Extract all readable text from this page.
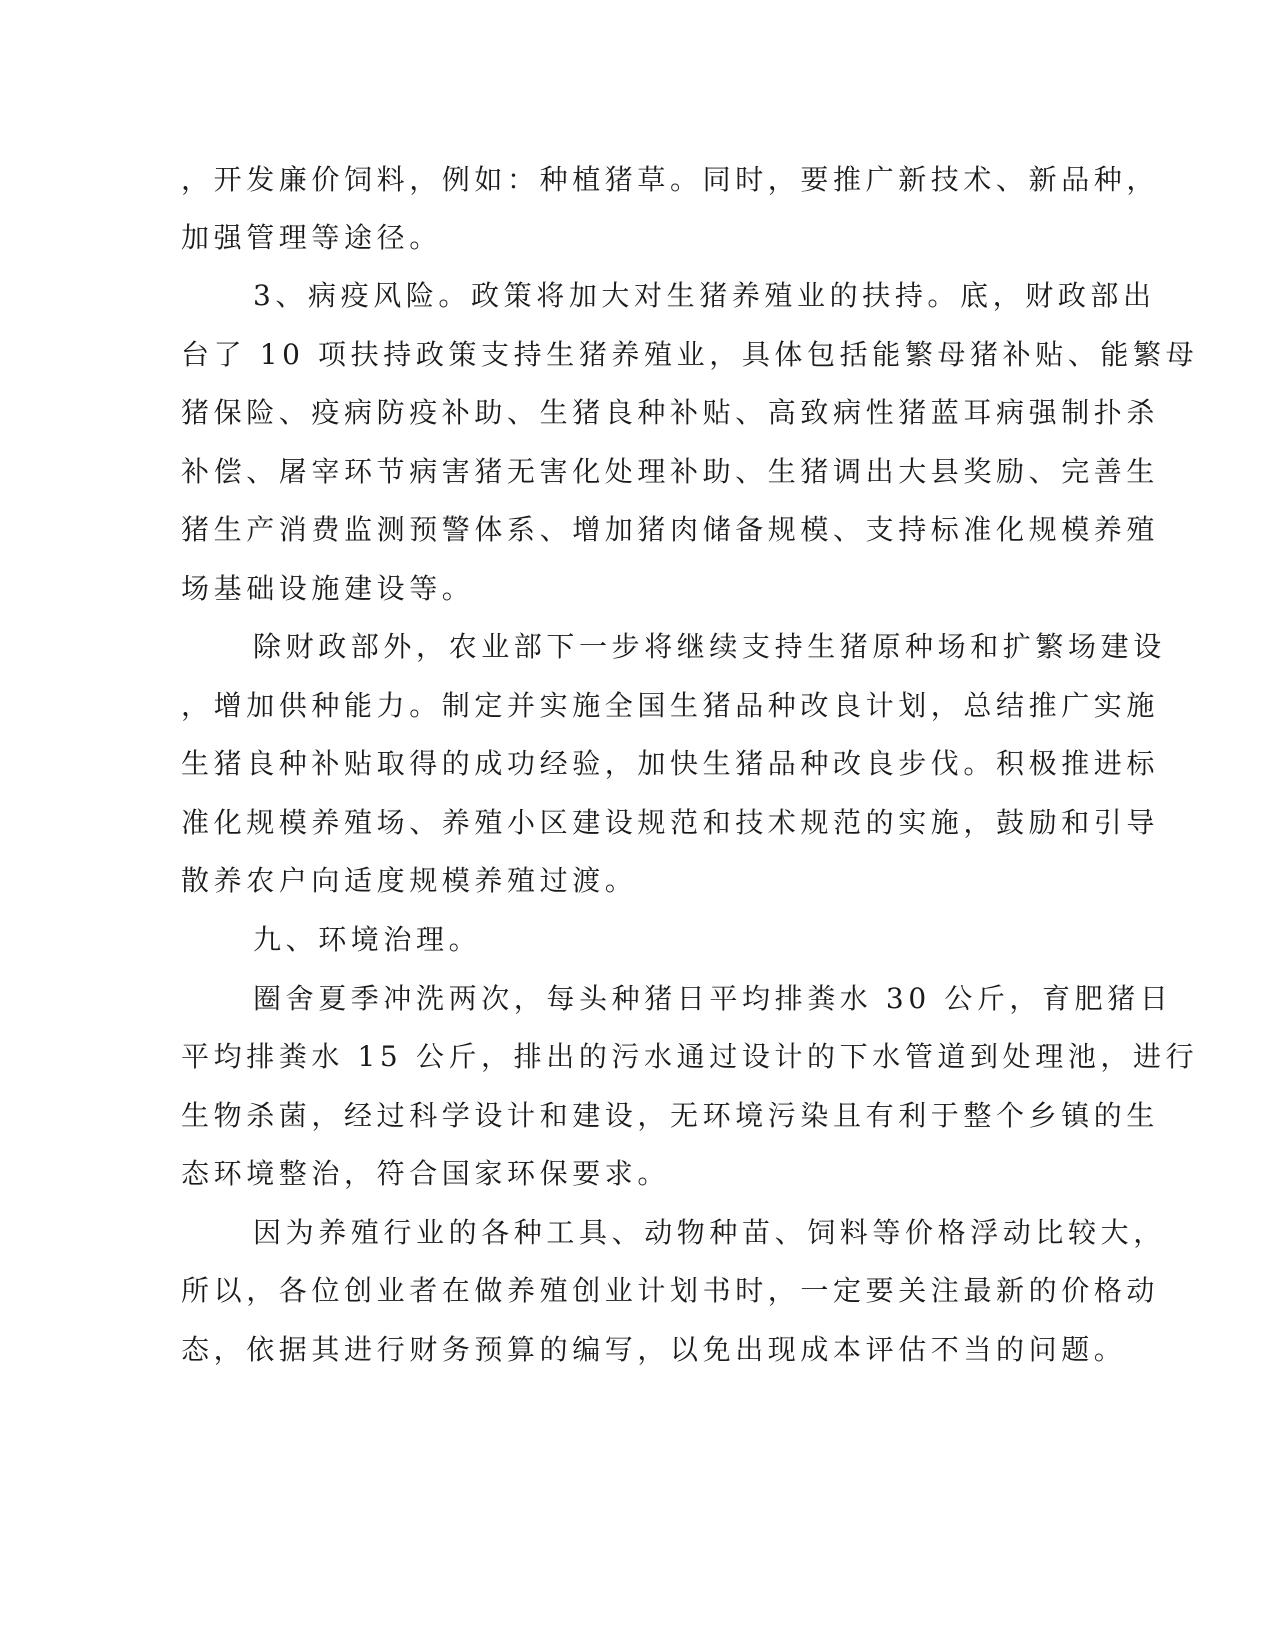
，开发廉价饲料，例如：种植猪草。同时，要推广新技术、新品种，
加强管理等途径。
3、病疫风险。政策将加大对生猪养殖业的扶持。底，财政部出
台了 10 项扶持政策支持生猪养殖业，具体包括能繁母猪补贴、能繁母
猪保险、疫病防疫补助、生猪良种补贴、高致病性猪蓝耳病强制扑杀
补偿、屠宰环节病害猪无害化处理补助、生猪调出大县奖励、完善生
猪生产消费监测预警体系、增加猪肉储备规模、支持标准化规模养殖
场基础设施建设等。
除财政部外，农业部下一步将继续支持生猪原种场和扩繁场建设
，增加供种能力。制定并实施全国生猪品种改良计划，总结推广实施
生猪良种补贴取得的成功经验，加快生猪品种改良步伐。积极推进标
准化规模养殖场、养殖小区建设规范和技术规范的实施，鼓励和引导
散养农户向适度规模养殖过渡。
九、环境治理。
圈舍夏季冲洗两次，每头种猪日平均排粪水 30 公斤，育肥猪日
平均排粪水 15 公斤，排出的污水通过设计的下水管道到处理池，进行
生物杀菌，经过科学设计和建设，无环境污染且有利于整个乡镇的生
态环境整治，符合国家环保要求。
因为养殖行业的各种工具、动物种苗、饲料等价格浮动比较大，
所以，各位创业者在做养殖创业计划书时，一定要关注最新的价格动
态，依据其进行财务预算的编写，以免出现成本评估不当的问题。
